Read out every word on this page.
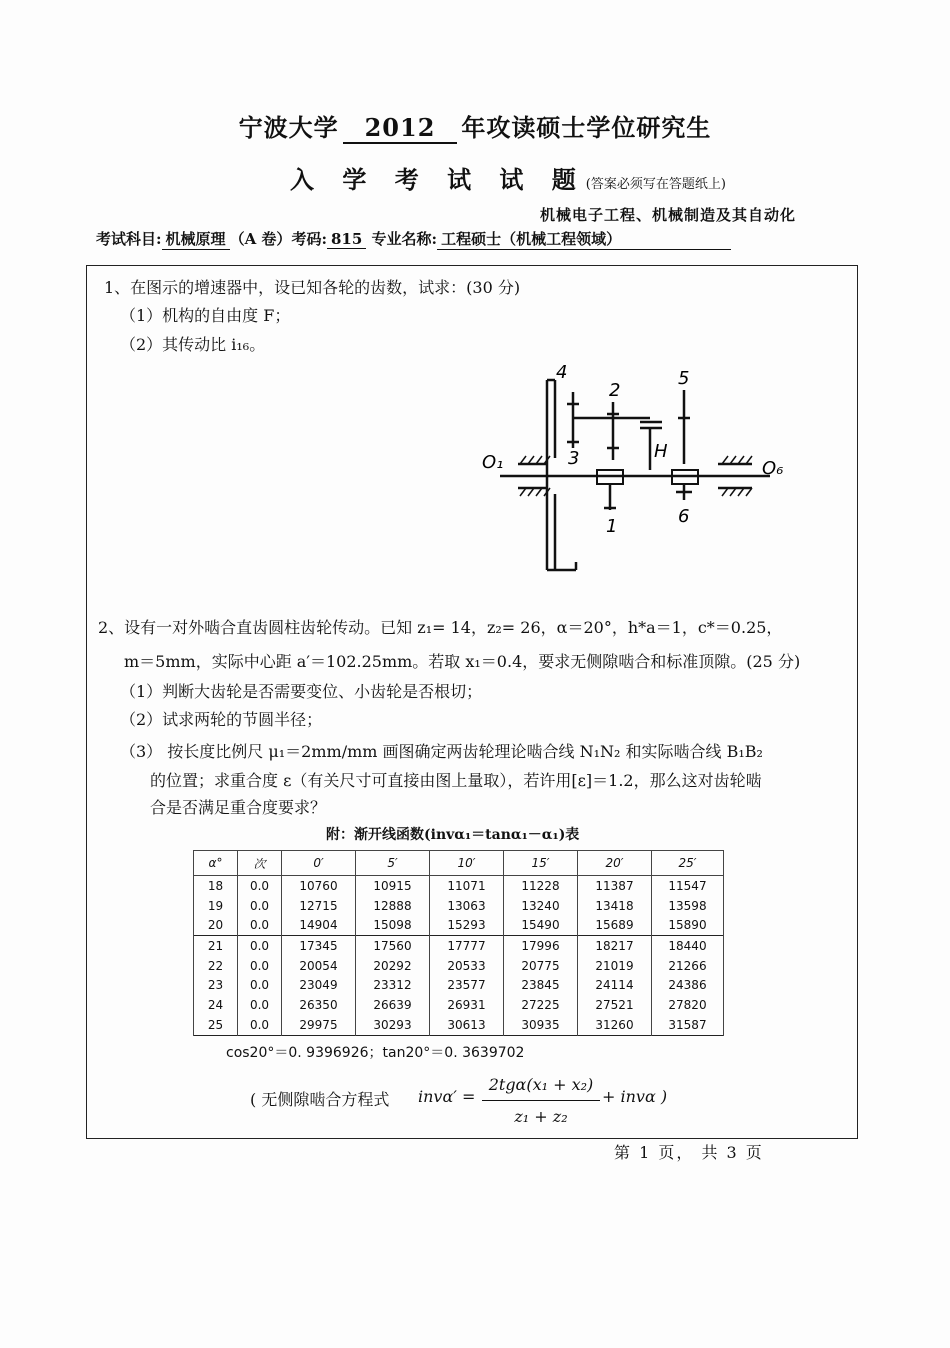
宁波大学 2012 年攻读硕士学位研究生
入 学 考 试 试 题(答案必须写在答题纸上)
机械电子工程、机械制造及其自动化
考试科目: 机械原理 （A 卷）考码: 815 专业名称: 工程硕士（机械工程领域）
1、在图示的增速器中，设已知各轮的齿数，试求：(30 分)
（1）机构的自由度 F；
（2）其传动比 i₁₆。
4
2
5
3	H
O₁	O₆
1	6
2、设有一对外啮合直齿圆柱齿轮传动。已知 z₁= 14，z₂= 26，α＝20°，h*a＝1，c*＝0.25，
m＝5mm，实际中心距 a′＝102.25mm。若取 x₁＝0.4，要求无侧隙啮合和标准顶隙。(25 分)
（1）判断大齿轮是否需要变位、小齿轮是否根切；
（2）试求两轮的节圆半径；
（3） 按长度比例尺 μ₁＝2mm/mm 画图确定两齿轮理论啮合线 N₁N₂ 和实际啮合线 B₁B₂
的位置；求重合度 ε（有关尺寸可直接由图上量取），若许用[ε]＝1.2，那么这对齿轮啮
合是否满足重合度要求？
附：渐开线函数(invα₁＝tanα₁－α₁)表
α°	次	0′	5′	10′	15′	20′	25′
18	0.0	10760	10915	11071	11228	11387	11547
19	0.0	12715	12888	13063	13240	13418	13598
20	0.0	14904	15098	15293	15490	15689	15890
21	0.0	17345	17560	17777	17996	18217	18440
22	0.0	20054	20292	20533	20775	21019	21266
23	0.0	23049	23312	23577	23845	24114	24386
24	0.0	26350	26639	26931	27225	27521	27820
25	0.0	29975	30293	30613	30935	31260	31587
cos20°＝0. 9396926；tan20°＝0. 3639702
( 无侧隙啮合方程式 invα′ =
2tgα(x₁ + x₂)
z₁ + z₂
+ invα )
第 1 页， 共 3 页
